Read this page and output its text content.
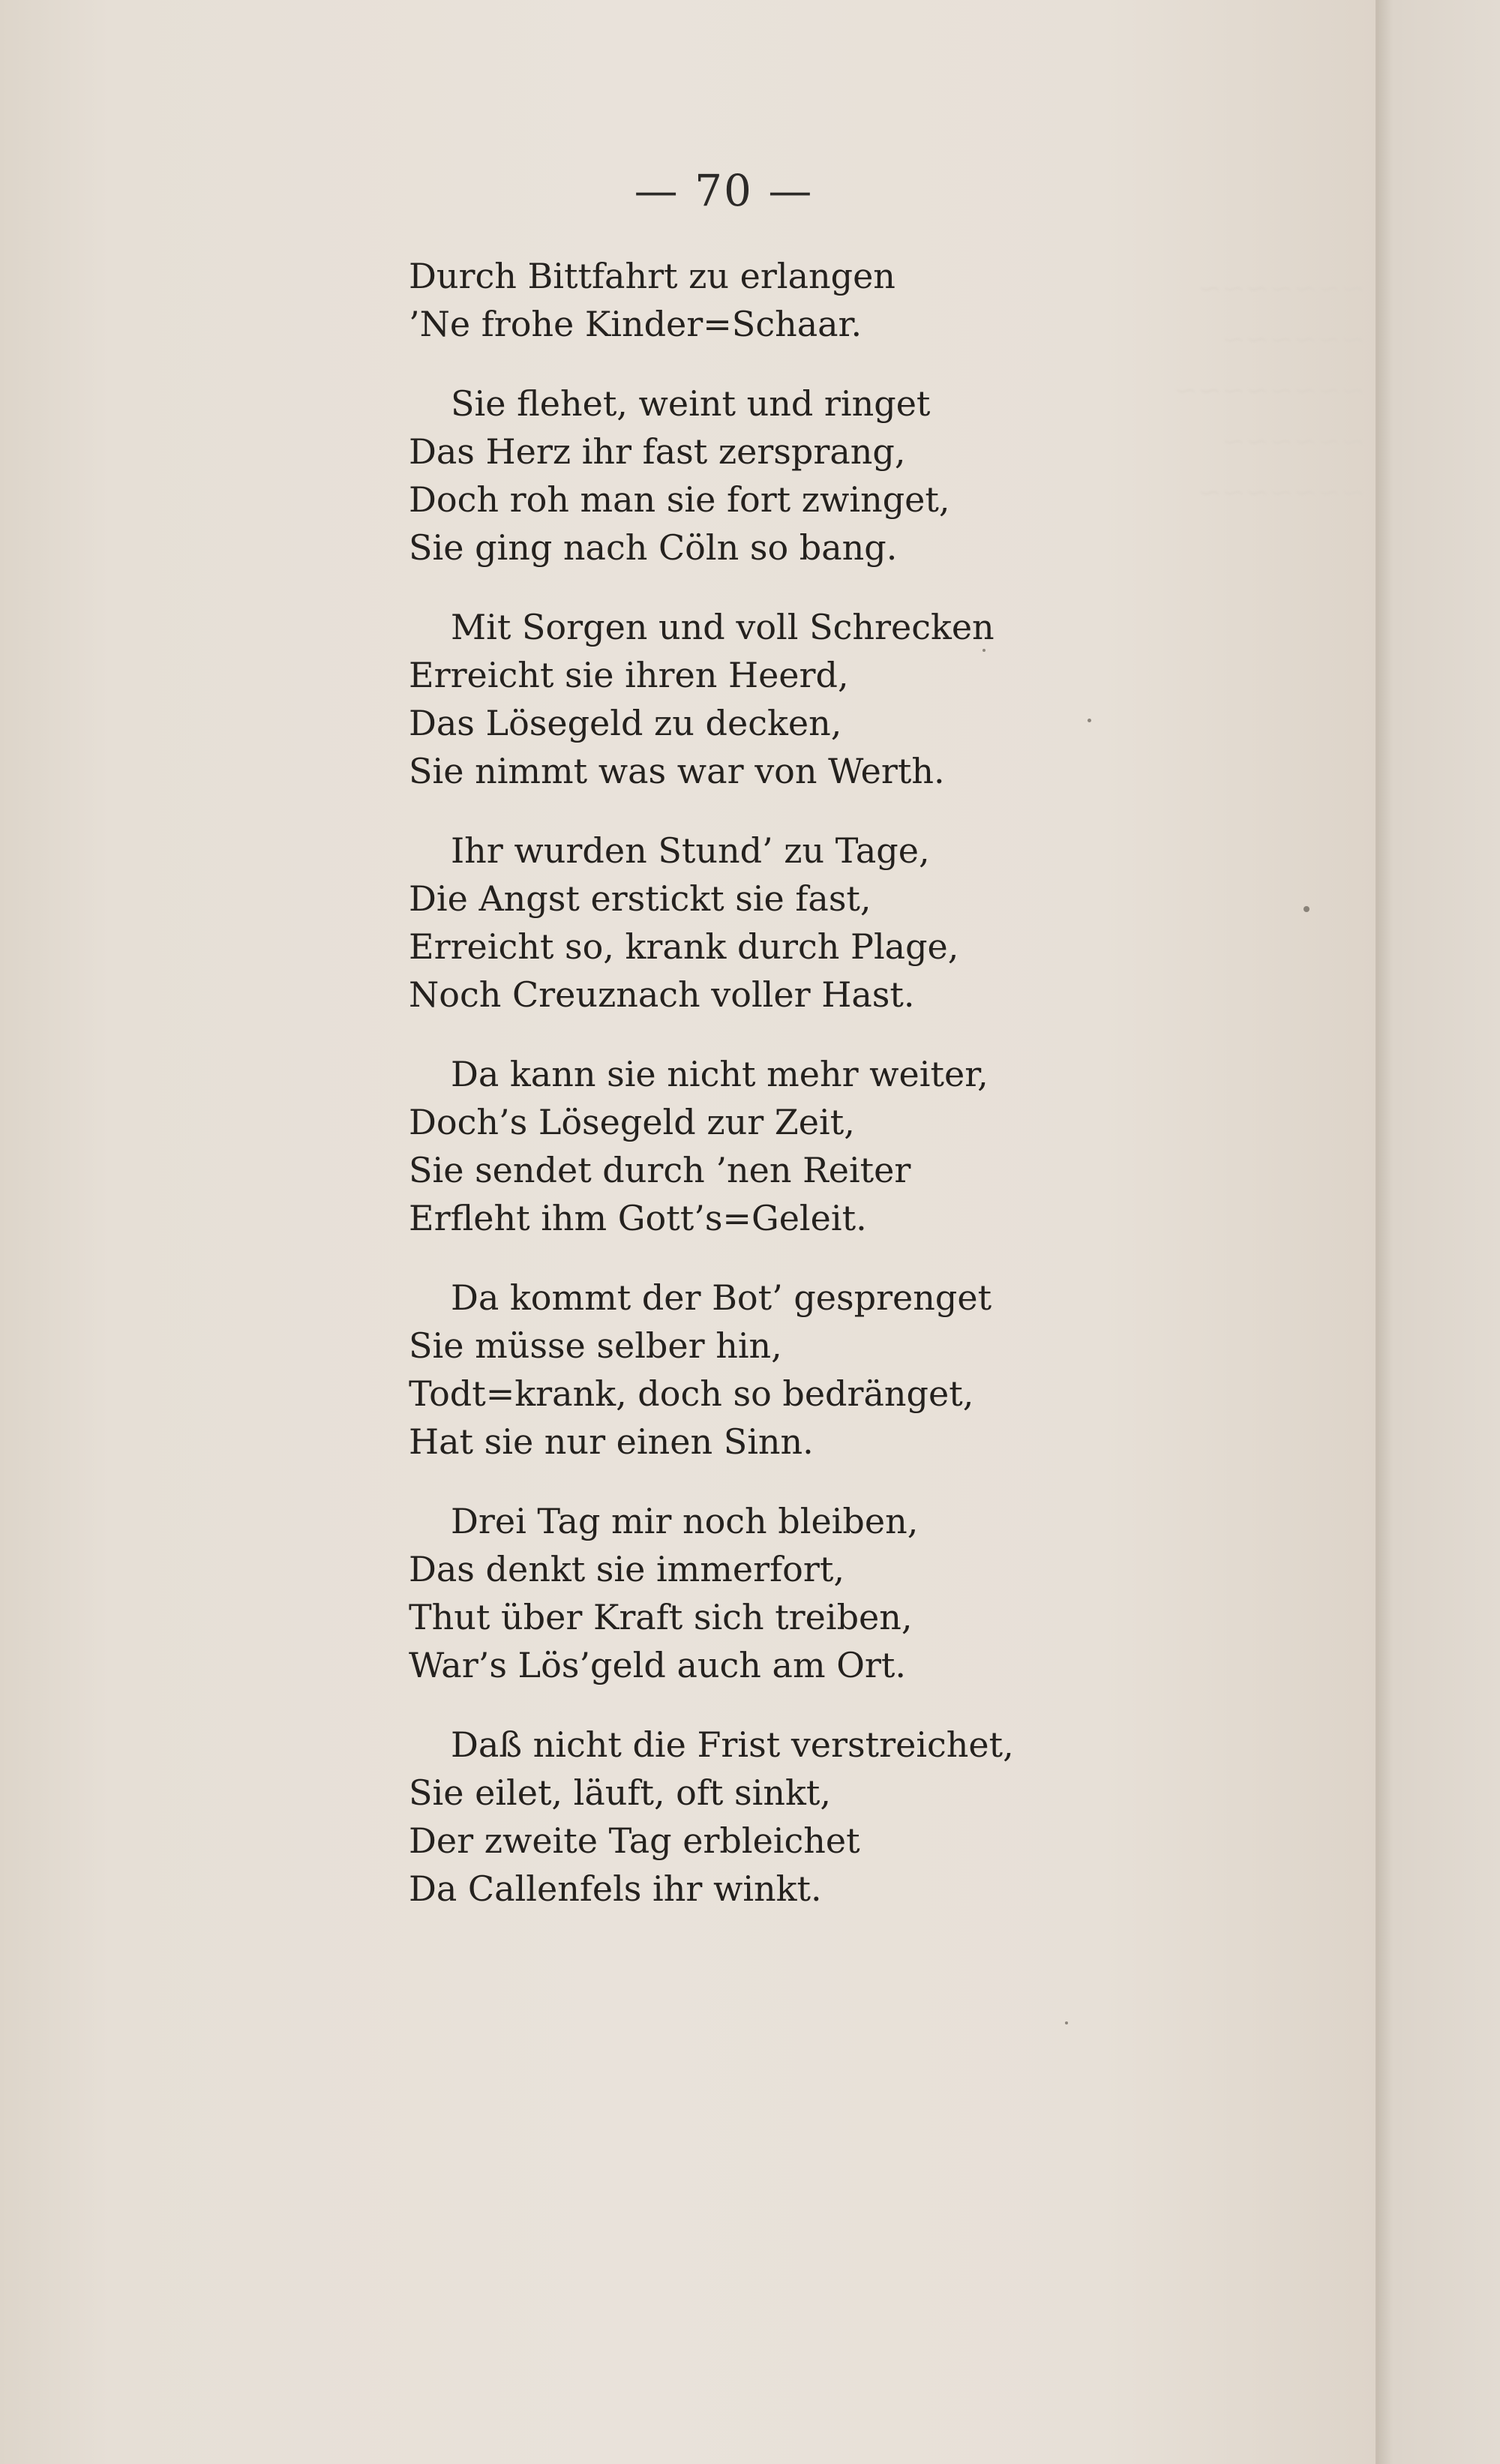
~~~~~~~
~~~~~~
~~~~~~~~
~~~~~~
~~~~~~~
— 70 —
Durch Bittfahrt zu erlangen
’Ne frohe Kinder=Schaar.
Sie flehet, weint und ringet
Das Herz ihr fast zersprang,
Doch roh man sie fort zwinget,
Sie ging nach Cöln so bang.
Mit Sorgen und voll Schrecken
Erreicht sie ihren Heerd,
Das Lösegeld zu decken,
Sie nimmt was war von Werth.
Ihr wurden Stund’ zu Tage,
Die Angst erstickt sie fast,
Erreicht so, krank durch Plage,
Noch Creuznach voller Hast.
Da kann sie nicht mehr weiter,
Doch’s Lösegeld zur Zeit,
Sie sendet durch ’nen Reiter
Erfleht ihm Gott’s=Geleit.
Da kommt der Bot’ gesprenget
Sie müsse selber hin,
Todt=krank, doch so bedränget,
Hat sie nur einen Sinn.
Drei Tag mir noch bleiben,
Das denkt sie immerfort,
Thut über Kraft sich treiben,
War’s Lös’geld auch am Ort.
Daß nicht die Frist verstreichet,
Sie eilet, läuft, oft sinkt,
Der zweite Tag erbleichet
Da Callenfels ihr winkt.
